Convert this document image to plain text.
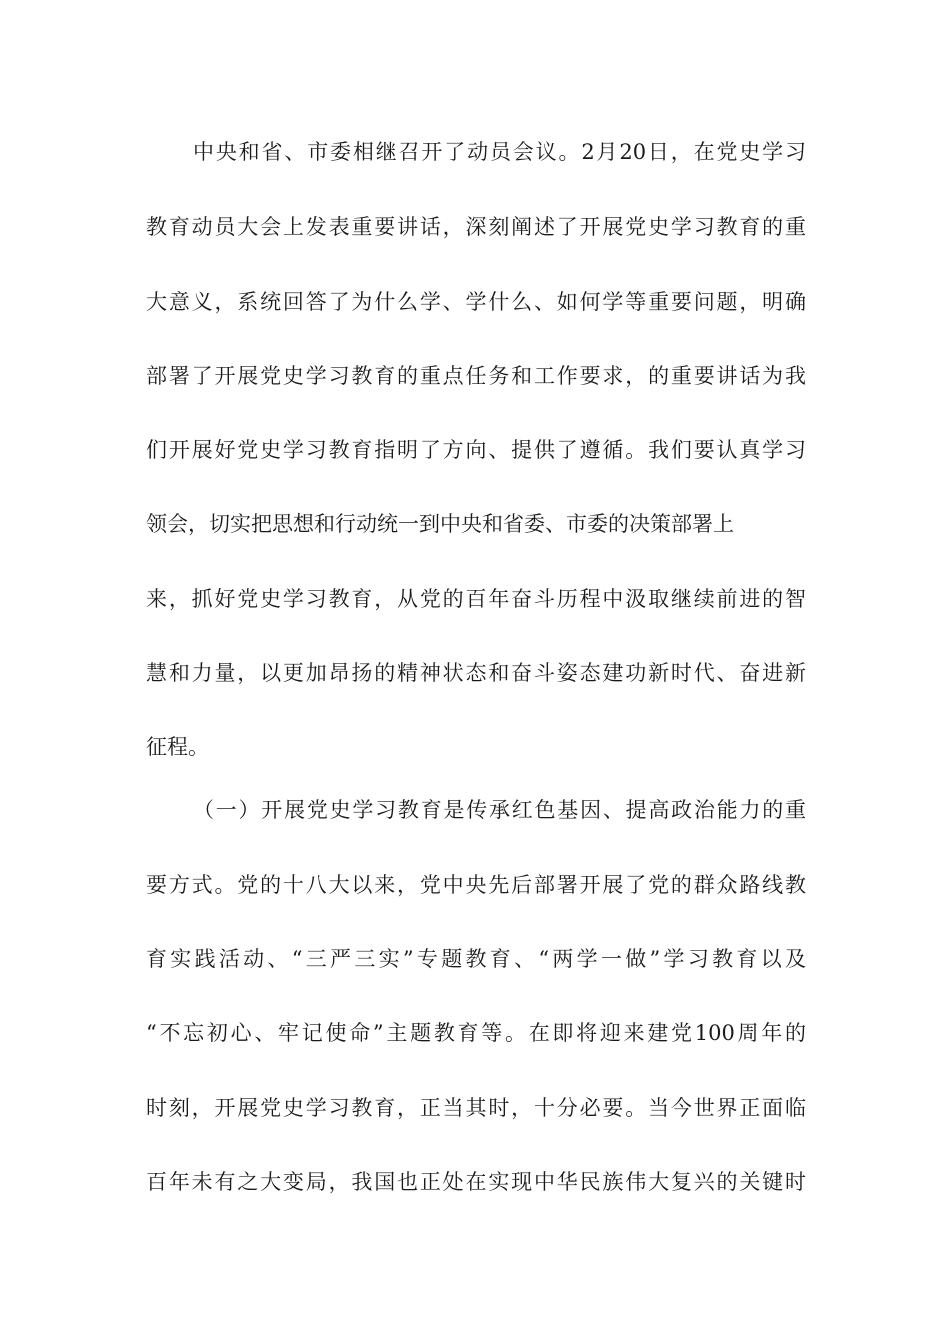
中央和省、市委相继召开了动员会议。2月20日，在党史学习
教育动员大会上发表重要讲话，深刻阐述了开展党史学习教育的重
大意义，系统回答了为什么学、学什么、如何学等重要问题，明确
部署了开展党史学习教育的重点任务和工作要求，的重要讲话为我
们开展好党史学习教育指明了方向、提供了遵循。我们要认真学习
领会，切实把思想和行动统一到中央和省委、市委的决策部署上
来，抓好党史学习教育，从党的百年奋斗历程中汲取继续前进的智
慧和力量，以更加昂扬的精神状态和奋斗姿态建功新时代、奋进新
征程。
（一）开展党史学习教育是传承红色基因、提高政治能力的重
要方式。党的十八大以来，党中央先后部署开展了党的群众路线教
育实践活动、“三严三实”专题教育、“两学一做”学习教育以及
“不忘初心、牢记使命”主题教育等。在即将迎来建党100周年的
时刻，开展党史学习教育，正当其时，十分必要。当今世界正面临
百年未有之大变局，我国也正处在实现中华民族伟大复兴的关键时
